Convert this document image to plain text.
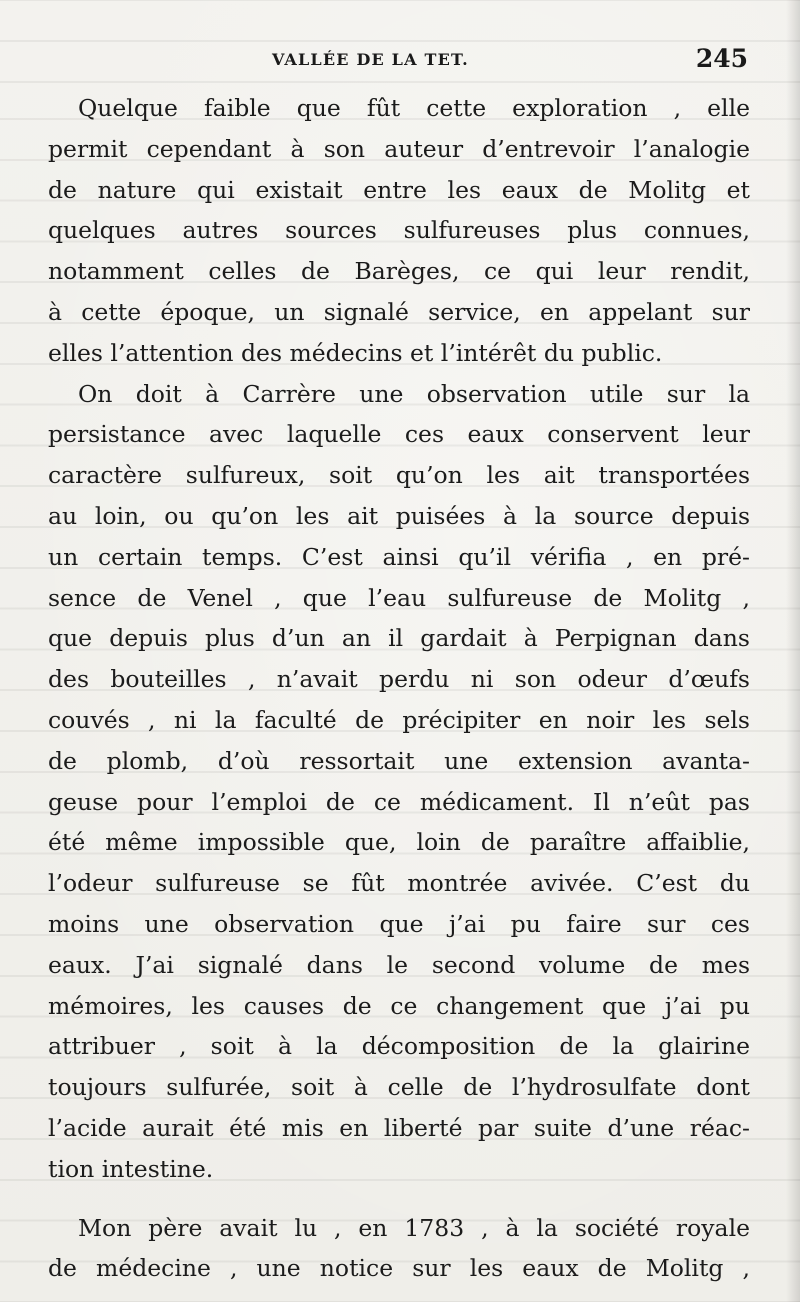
VALLÉE DE LA TET.	245
Quelque faible que fût cette exploration , elle
permit cependant à son auteur d’entrevoir l’analogie
de nature qui existait entre les eaux de Molitg et
quelques autres sources sulfureuses plus connues,
notamment celles de Barèges, ce qui leur rendit,
à cette époque, un signalé service, en appelant sur
elles l’attention des médecins et l’intérêt du public.
On doit à Carrère une observation utile sur la
persistance avec laquelle ces eaux conservent leur
caractère sulfureux, soit qu’on les ait transportées
au loin, ou qu’on les ait puisées à la source depuis
un certain temps. C’est ainsi qu’il vérifia , en pré-
sence de Venel , que l’eau sulfureuse de Molitg ,
que depuis plus d’un an il gardait à Perpignan dans
des bouteilles , n’avait perdu ni son odeur d’œufs
couvés , ni la faculté de précipiter en noir les sels
de plomb, d’où ressortait une extension avanta-
geuse pour l’emploi de ce médicament. Il n’eût pas
été même impossible que, loin de paraître affaiblie,
l’odeur sulfureuse se fût montrée avivée. C’est du
moins une observation que j’ai pu faire sur ces
eaux. J’ai signalé dans le second volume de mes
mémoires, les causes de ce changement que j’ai pu
attribuer , soit à la décomposition de la glairine
toujours sulfurée, soit à celle de l’hydrosulfate dont
l’acide aurait été mis en liberté par suite d’une réac-
tion intestine.
Mon père avait lu , en 1783 , à la société royale
de médecine , une notice sur les eaux de Molitg ,
